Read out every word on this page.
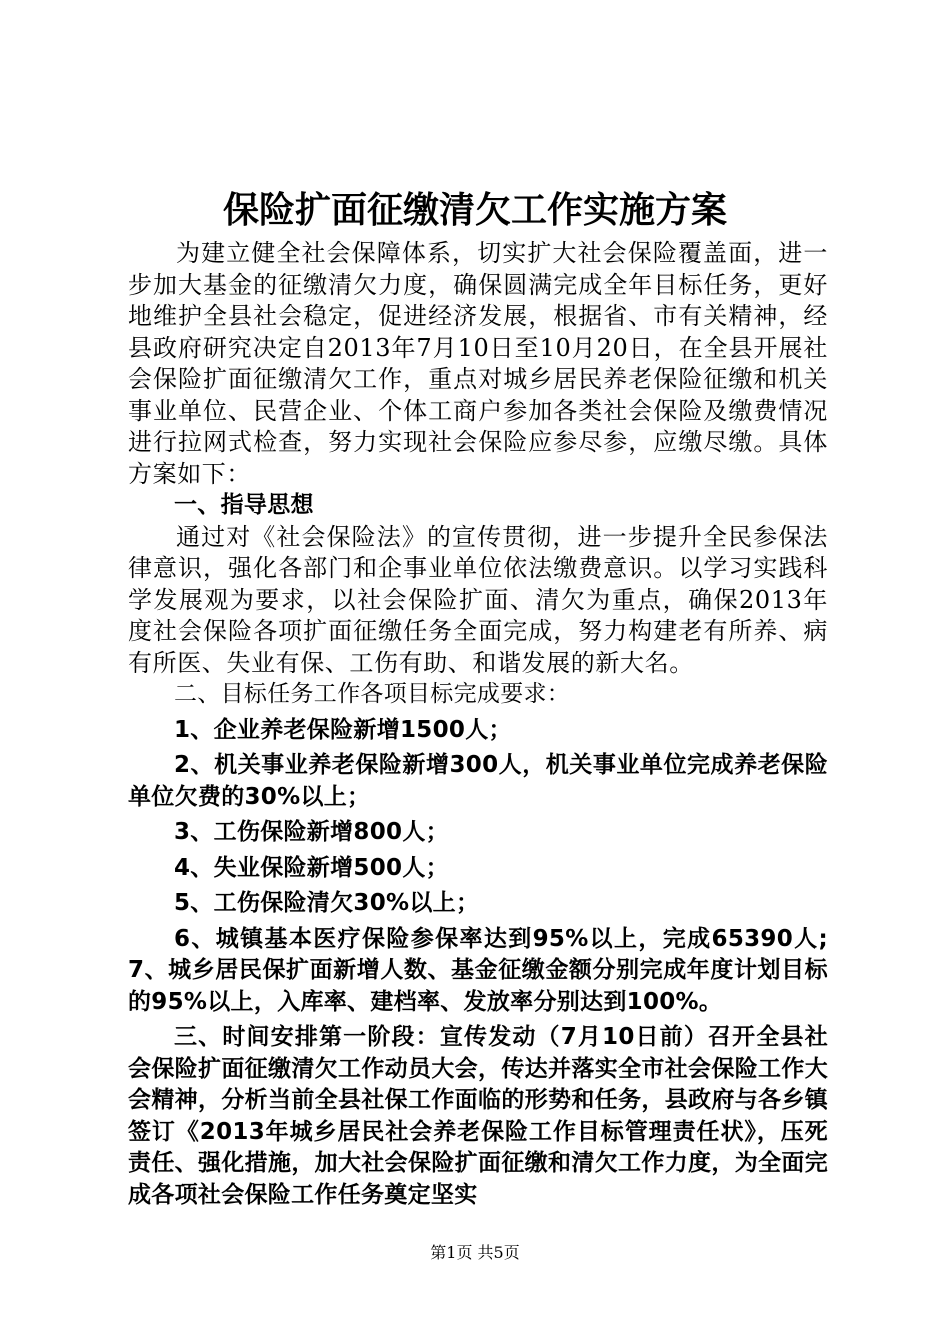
保险扩面征缴清欠工作实施方案

为建立健全社会保障体系，切实扩大社会保险覆盖面，进一步加大基金的征缴清欠力度，确保圆满完成全年目标任务，更好地维护全县社会稳定，促进经济发展，根据省、市有关精神，经县政府研究决定自2013年7月10日至10月20日，在全县开展社会保险扩面征缴清欠工作，重点对城乡居民养老保险征缴和机关事业单位、民营企业、个体工商户参加各类社会保险及缴费情况进行拉网式检查，努力实现社会保险应参尽参，应缴尽缴。具体方案如下：

一、指导思想

通过对《社会保险法》的宣传贯彻，进一步提升全民参保法律意识，强化各部门和企事业单位依法缴费意识。以学习实践科学发展观为要求，以社会保险扩面、清欠为重点，确保2013年度社会保险各项扩面征缴任务全面完成，努力构建老有所养、病有所医、失业有保、工伤有助、和谐发展的新大名。

二、目标任务工作各项目标完成要求：

1、企业养老保险新增1500人；

2、机关事业养老保险新增300人，机关事业单位完成养老保险单位欠费的30%以上；

3、工伤保险新增800人；

4、失业保险新增500人；

5、工伤保险清欠30%以上；

6、城镇基本医疗保险参保率达到95%以上，完成65390人;7、城乡居民保扩面新增人数、基金征缴金额分别完成年度计划目标的95%以上，入库率、建档率、发放率分别达到100%。

三、时间安排第一阶段：宣传发动（7月10日前）召开全县社会保险扩面征缴清欠工作动员大会，传达并落实全市社会保险工作大会精神，分析当前全县社保工作面临的形势和任务，县政府与各乡镇签订《2013年城乡居民社会养老保险工作目标管理责任状》，压死责任、强化措施，加大社会保险扩面征缴和清欠工作力度，为全面完成各项社会保险工作任务奠定坚实

第1页 共5页
